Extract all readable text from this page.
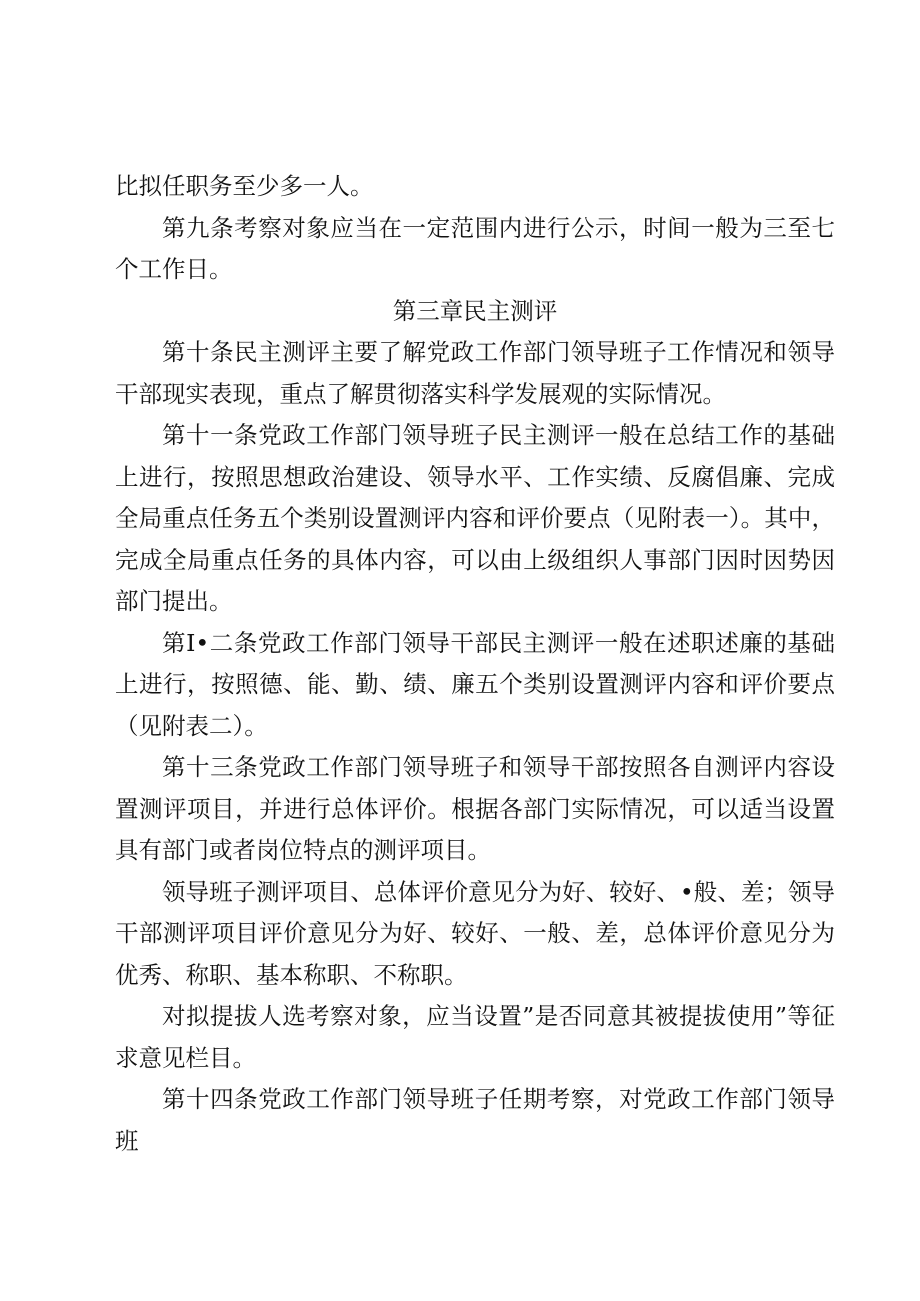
比拟任职务至少多一人。

第九条考察对象应当在一定范围内进行公示，时间一般为三至七个工作日。

第三章民主测评

第十条民主测评主要了解党政工作部门领导班子工作情况和领导干部现实表现，重点了解贯彻落实科学发展观的实际情况。

第十一条党政工作部门领导班子民主测评一般在总结工作的基础上进行，按照思想政治建设、领导水平、工作实绩、反腐倡廉、完成全局重点任务五个类别设置测评内容和评价要点（见附表一）。其中，完成全局重点任务的具体内容，可以由上级组织人事部门因时因势因部门提出。

第I•二条党政工作部门领导干部民主测评一般在述职述廉的基础上进行，按照德、能、勤、绩、廉五个类别设置测评内容和评价要点（见附表二）。

第十三条党政工作部门领导班子和领导干部按照各自测评内容设置测评项目，并进行总体评价。根据各部门实际情况，可以适当设置具有部门或者岗位特点的测评项目。

领导班子测评项目、总体评价意见分为好、较好、•般、差；领导干部测评项目评价意见分为好、较好、一般、差，总体评价意见分为优秀、称职、基本称职、不称职。

对拟提拔人选考察对象，应当设置”是否同意其被提拔使用”等征求意见栏目。

第十四条党政工作部门领导班子任期考察，对党政工作部门领导班
